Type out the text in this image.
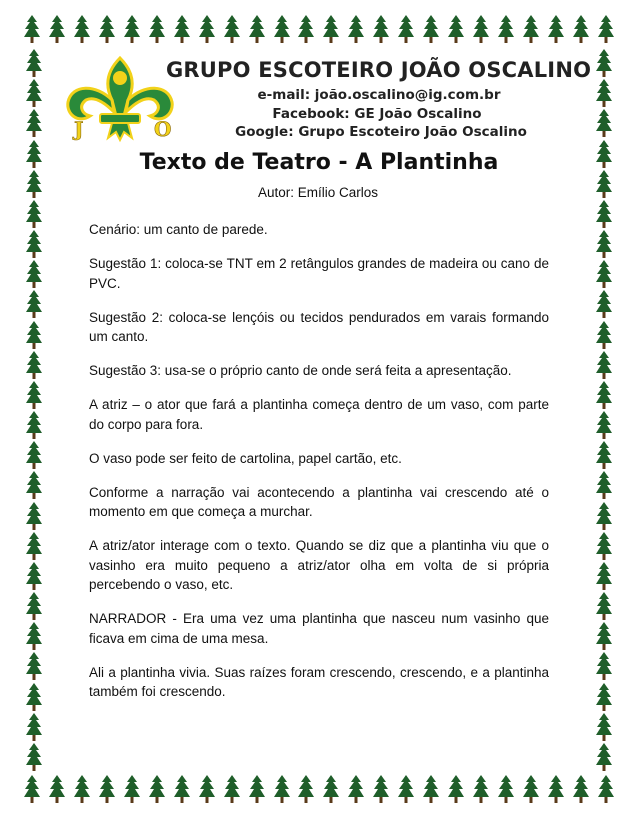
J	O
GRUPO ESCOTEIRO JOÃO OSCALINO
e-mail: joão.oscalino@ig.com.br
Facebook: GE João Oscalino
Google: Grupo Escoteiro João Oscalino
Texto de Teatro - A Plantinha
Autor: Emílio Carlos

Cenário: um canto de parede.

Sugestão 1: coloca-se TNT em 2 retângulos grandes de madeira ou cano de PVC.

Sugestão 2: coloca-se lençóis ou tecidos pendurados em varais formando um canto.

Sugestão 3: usa-se o próprio canto de onde será feita a apresentação.

A atriz – o ator que fará a plantinha começa dentro de um vaso, com parte do corpo para fora.

O vaso pode ser feito de cartolina, papel cartão, etc.

Conforme a narração vai acontecendo a plantinha vai crescendo até o momento em que começa a murchar.

A atriz/ator interage com o texto. Quando se diz que a plantinha viu que o vasinho era muito pequeno a atriz/ator olha em volta de si própria percebendo o vaso, etc.

NARRADOR - Era uma vez uma plantinha que nasceu num vasinho que ficava em cima de uma mesa.

Ali a plantinha vivia. Suas raízes foram crescendo, crescendo, e a plantinha também foi crescendo.
